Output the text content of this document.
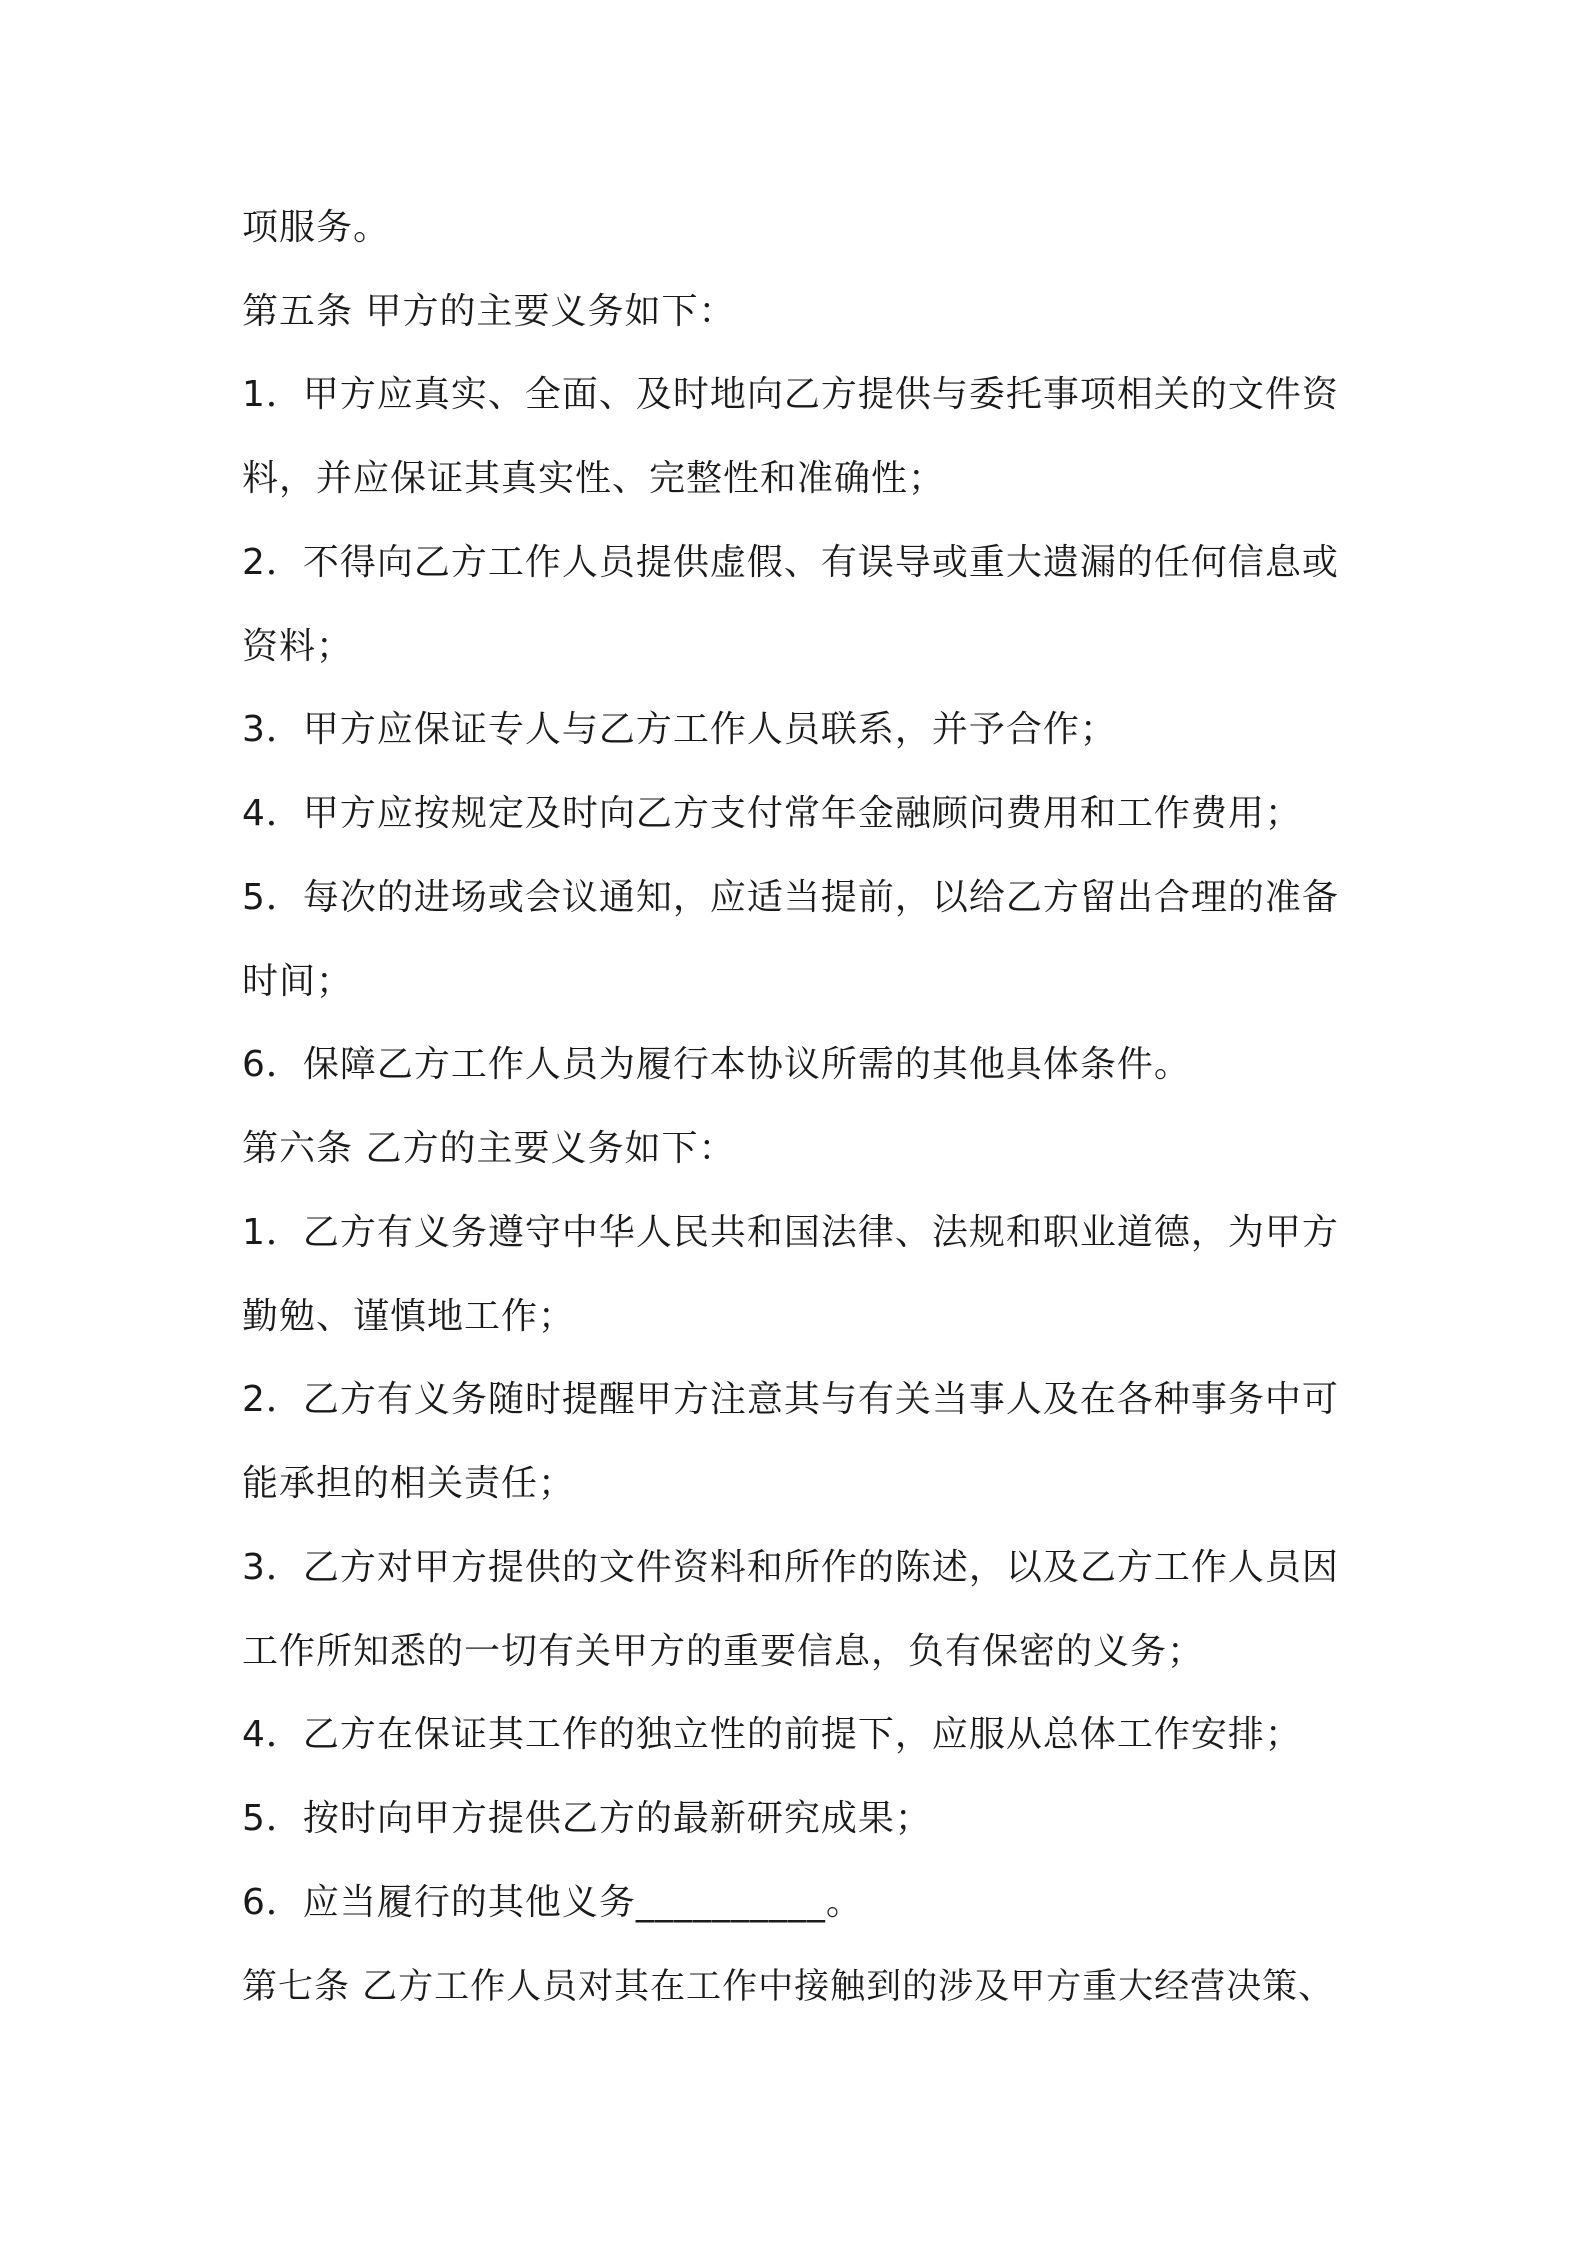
项服务。
第五条 甲方的主要义务如下：
1．甲方应真实、全面、及时地向乙方提供与委托事项相关的文件资
料，并应保证其真实性、完整性和准确性；
2．不得向乙方工作人员提供虚假、有误导或重大遗漏的任何信息或
资料；
3．甲方应保证专人与乙方工作人员联系，并予合作；
4．甲方应按规定及时向乙方支付常年金融顾问费用和工作费用；
5．每次的进场或会议通知，应适当提前，以给乙方留出合理的准备
时间；
6．保障乙方工作人员为履行本协议所需的其他具体条件。
第六条 乙方的主要义务如下：
1．乙方有义务遵守中华人民共和国法律、法规和职业道德，为甲方
勤勉、谨慎地工作；
2．乙方有义务随时提醒甲方注意其与有关当事人及在各种事务中可
能承担的相关责任；
3．乙方对甲方提供的文件资料和所作的陈述，以及乙方工作人员因
工作所知悉的一切有关甲方的重要信息，负有保密的义务；
4．乙方在保证其工作的独立性的前提下，应服从总体工作安排；
5．按时向甲方提供乙方的最新研究成果；
6．应当履行的其他义务__________。
第七条 乙方工作人员对其在工作中接触到的涉及甲方重大经营决策、
